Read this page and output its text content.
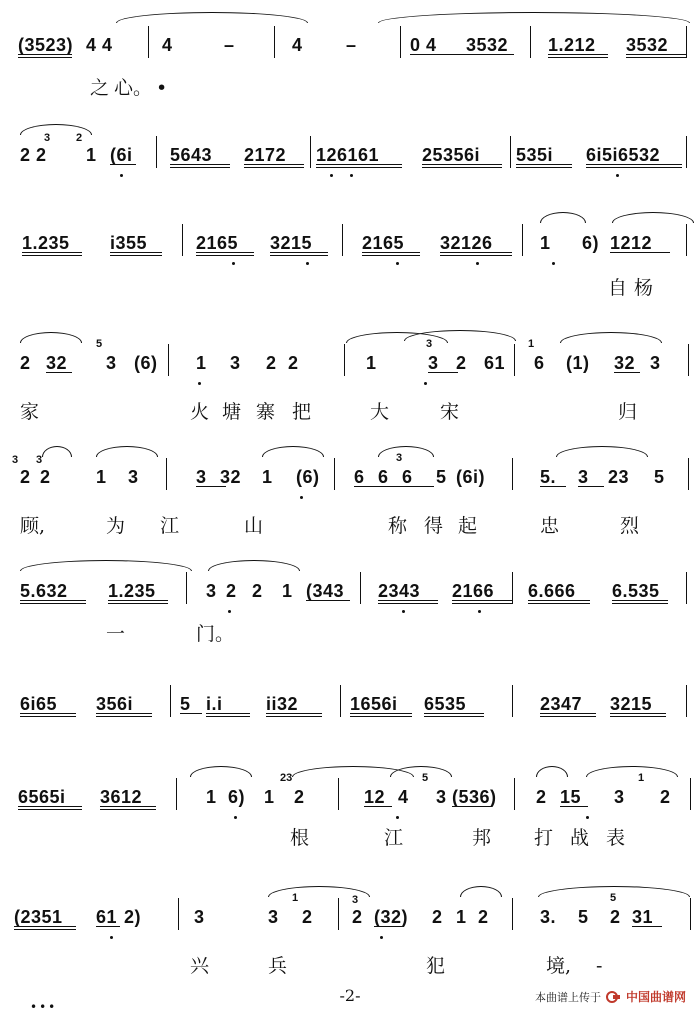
(3523) 4 4	4	–	4 –	0 4 3532 1.212 3532
之 心。 •
2 2 1 (6i 5643 2172 126161 25356i 535i 6i5i6532
3 2
1.235 i355	2165 3215	2165 32126	1 6) 1212
自 杨
2 32 3 (6) 1 3 2 2	1	3 2 61 6 (1) 32 3
5	3	1
家	火 塘 寨 把	大	宋	归
2 2	1 3	3 32 1 (6) 6 6 6 5 (6i)	5. 3 23 5
3 3	3
顾,	为 江	山	称 得 起	忠	烈
5.632 1.235	3 2 2 1 (343 2343 2166 6.666 6.535
一	门。
6i65 356i	5 i.i ii32	1656i 6535	2347 3215
6565i 3612	1 6) 1 2	12 4 3 (536) 2 15 3 2
23	5	1
根	江	邦 打 战 表
(2351 61 2)	3	3 2 2 (32) 2 1 2	3. 5 2 31
1	3	5
兴	兵	犯	境, -
-2-	本曲谱上传于 中国曲谱网
•••
